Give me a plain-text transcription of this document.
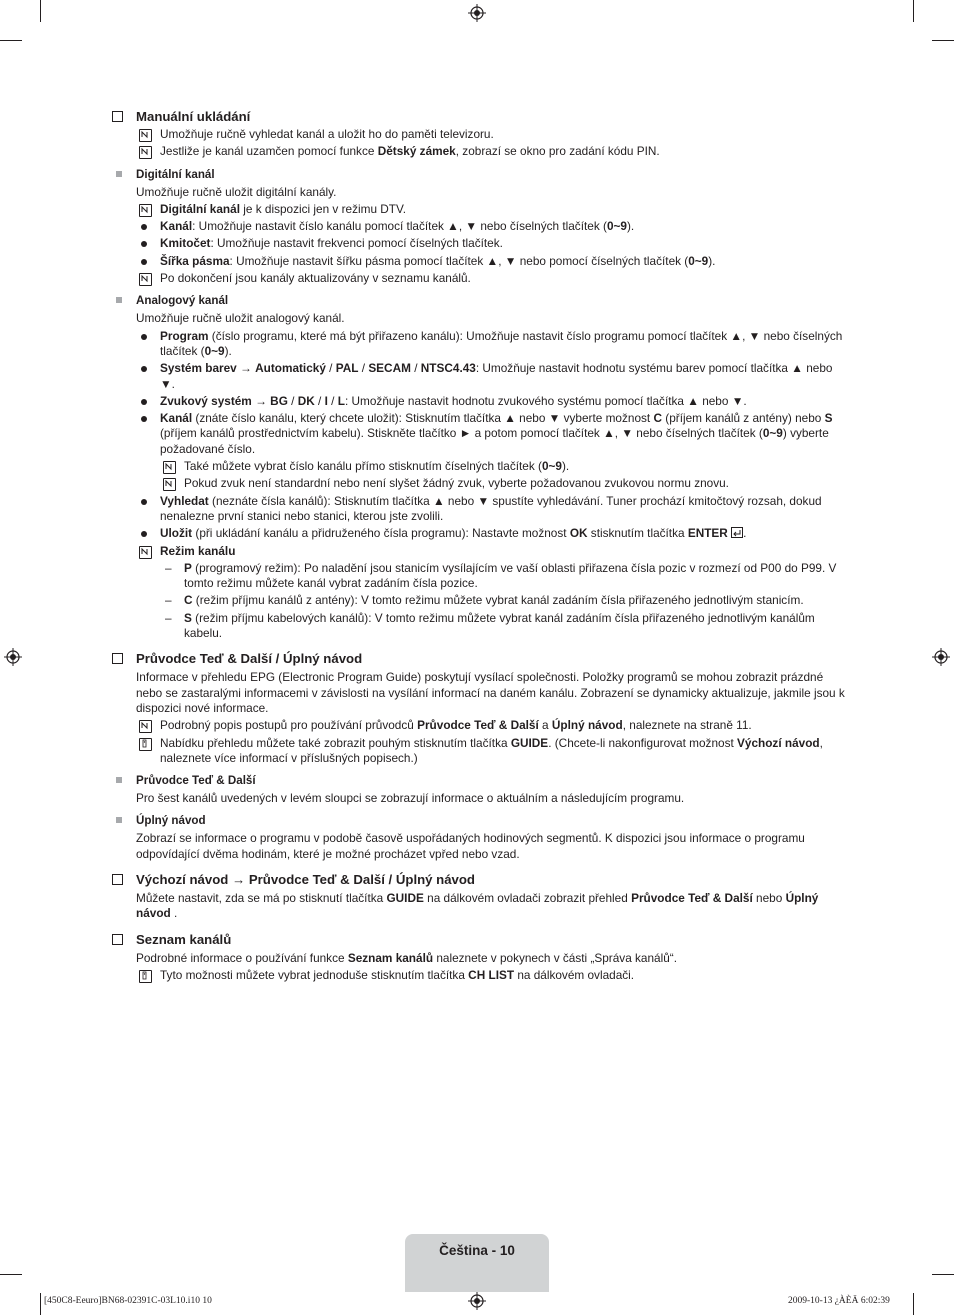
Manuální ukládání
Umožňuje ručně vyhledat kanál a uložit ho do paměti televizoru.
Jestliže je kanál uzamčen pomocí funkce Dětský zámek, zobrazí se okno pro zadání kódu PIN.
Digitální kanál
Umožňuje ručně uložit digitální kanály.
Digitální kanál je k dispozici jen v režimu DTV.
Kanál: Umožňuje nastavit číslo kanálu pomocí tlačítek ▲, ▼ nebo číselných tlačítek (0~9).
Kmitočet: Umožňuje nastavit frekvenci pomocí číselných tlačítek.
Šířka pásma: Umožňuje nastavit šířku pásma pomocí tlačítek ▲, ▼ nebo pomocí číselných tlačítek (0~9).
Po dokončení jsou kanály aktualizovány v seznamu kanálů.
Analogový kanál
Umožňuje ručně uložit analogový kanál.
Program (číslo programu, které má být přiřazeno kanálu): Umožňuje nastavit číslo programu pomocí tlačítek ▲, ▼ nebo číselných tlačítek (0~9).
Systém barev → Automatický / PAL / SECAM / NTSC4.43: Umožňuje nastavit hodnotu systému barev pomocí tlačítka ▲ nebo ▼.
Zvukový systém → BG / DK / I / L: Umožňuje nastavit hodnotu zvukového systému pomocí tlačítka ▲ nebo ▼.
Kanál (znáte číslo kanálu, který chcete uložit): Stisknutím tlačítka ▲ nebo ▼ vyberte možnost C (příjem kanálů z antény) nebo S (příjem kanálů prostřednictvím kabelu). Stiskněte tlačítko ► a potom pomocí tlačítek ▲, ▼ nebo číselných tlačítek (0~9) vyberte požadované číslo.
Také můžete vybrat číslo kanálu přímo stisknutím číselných tlačítek (0~9).
Pokud zvuk není standardní nebo není slyšet žádný zvuk, vyberte požadovanou zvukovou normu znovu.
Vyhledat (neznáte čísla kanálů): Stisknutím tlačítka ▲ nebo ▼ spustíte vyhledávání. Tuner prochází kmitočtový rozsah, dokud nenalezne první stanici nebo stanici, kterou jste zvolili.
Uložit (při ukládání kanálu a přidruženého čísla programu): Nastavte možnost OK stisknutím tlačítka ENTER .
Režim kanálu
– P (programový režim): Po naladění jsou stanicím vysílajícím ve vaší oblasti přiřazena čísla pozic v rozmezí od P00 do P99. V tomto režimu můžete kanál vybrat zadáním čísla pozice.
– C (režim příjmu kanálů z antény): V tomto režimu můžete vybrat kanál zadáním čísla přiřazeného jednotlivým stanicím.
– S (režim příjmu kabelových kanálů): V tomto režimu můžete vybrat kanál zadáním čísla přiřazeného jednotlivým kanálům kabelu.
Průvodce Teď & Další / Úplný návod
Informace v přehledu EPG (Electronic Program Guide) poskytují vysílací společnosti. Položky programů se mohou zobrazit prázdné nebo se zastaralými informacemi v závislosti na vysílání informací na daném kanálu. Zobrazení se dynamicky aktualizuje, jakmile jsou k dispozici nové informace.
Podrobný popis postupů pro používání průvodců Průvodce Teď & Další a Úplný návod, naleznete na straně 11.
Nabídku přehledu můžete také zobrazit pouhým stisknutím tlačítka GUIDE. (Chcete-li nakonfigurovat možnost Výchozí návod, naleznete více informací v příslušných popisech.)
Průvodce Teď & Další
Pro šest kanálů uvedených v levém sloupci se zobrazují informace o aktuálním a následujícím programu.
Úplný návod
Zobrazí se informace o programu v podobě časově uspořádaných hodinových segmentů. K dispozici jsou informace o programu odpovídající dvěma hodinám, které je možné procházet vpřed nebo vzad.
Výchozí návod → Průvodce Teď & Další / Úplný návod
Můžete nastavit, zda se má po stisknutí tlačítka GUIDE na dálkovém ovladači zobrazit přehled Průvodce Teď & Další nebo Úplný návod .
Seznam kanálů
Podrobné informace o používání funkce Seznam kanálů naleznete v pokynech v části „Správa kanálů“.
Tyto možnosti můžete vybrat jednoduše stisknutím tlačítka CH LIST na dálkovém ovladači.
Čeština - 10
[450C8-Eeuro]BN68-02391C-03L10.i10 10	2009-10-13 ¿ÀÈÄ 6:02:39
